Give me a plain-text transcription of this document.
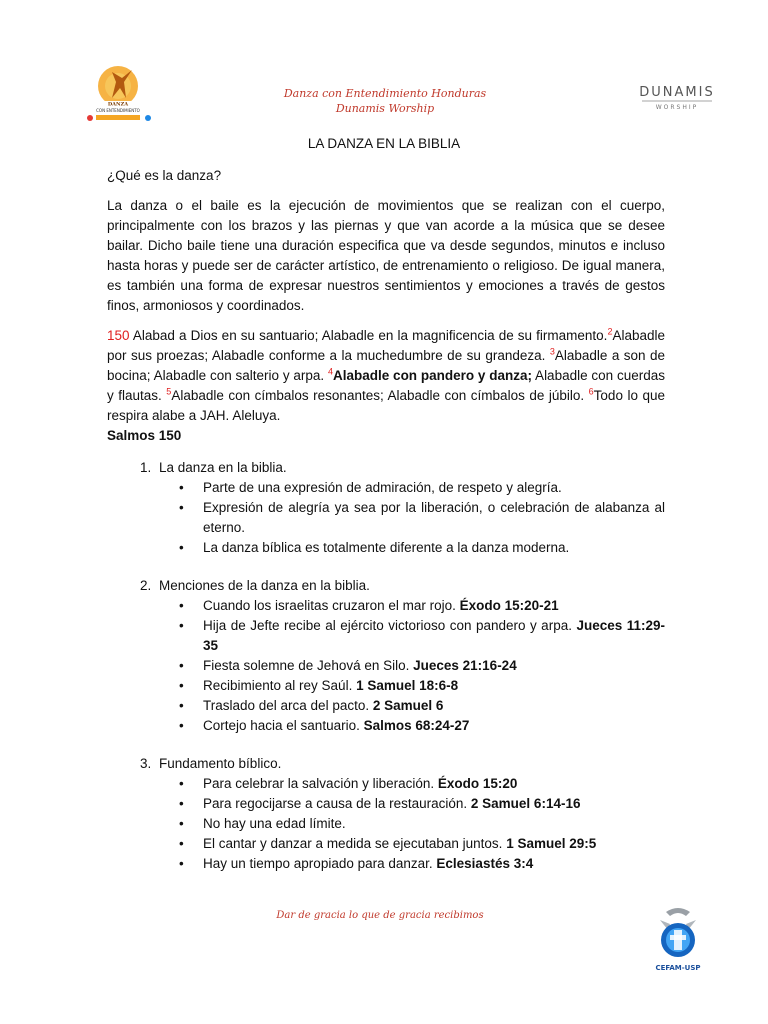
DANZA
CON ENTENDIMIENTO
Danza con Entendimiento Honduras
Dunamis Worship
DUNAMIS
WORSHIP
LA DANZA EN LA BIBLIA

¿Qué es la danza?

La danza o el baile es la ejecución de movimientos que se realizan con el cuerpo, principalmente con los brazos y las piernas y que van acorde a la música que se desee bailar. Dicho baile tiene una duración especifica que va desde segundos, minutos e incluso hasta horas y puede ser de carácter artístico, de entrenamiento o religioso. De igual manera, es también una forma de expresar nuestros sentimientos y emociones a través de gestos finos, armoniosos y coordinados.

150 Alabad a Dios en su santuario; Alabadle en la magnificencia de su firmamento.$^2$Alabadle por sus proezas; Alabadle conforme a la muchedumbre de su grandeza. $^3$Alabadle a son de bocina; Alabadle con salterio y arpa. $^4$Alabadle con pandero y danza; Alabadle con cuerdas y flautas. $^5$Alabadle con címbalos resonantes; Alabadle con címbalos de júbilo. $^6$Todo lo que respira alabe a JAH. Aleluya.

Salmos 150

1. La danza en la biblia.
• Parte de una expresión de admiración, de respeto y alegría.
• Expresión de alegría ya sea por la liberación, o celebración de alabanza al eterno.
• La danza bíblica es totalmente diferente a la danza moderna.
2. Menciones de la danza en la biblia.
• Cuando los israelitas cruzaron el mar rojo. Éxodo 15:20-21
• Hija de Jefte recibe al ejército victorioso con pandero y arpa. Jueces 11:29-35
• Fiesta solemne de Jehová en Silo. Jueces 21:16-24
• Recibimiento al rey Saúl. 1 Samuel 18:6-8
• Traslado del arca del pacto. 2 Samuel 6
• Cortejo hacia el santuario. Salmos 68:24-27
3. Fundamento bíblico.
• Para celebrar la salvación y liberación. Éxodo 15:20
• Para regocijarse a causa de la restauración. 2 Samuel 6:14-16
• No hay una edad límite.
• El cantar y danzar a medida se ejecutaban juntos. 1 Samuel 29:5
• Hay un tiempo apropiado para danzar. Eclesiastés 3:4
Dar de gracia lo que de gracia recibimos
CEFAM-USP
